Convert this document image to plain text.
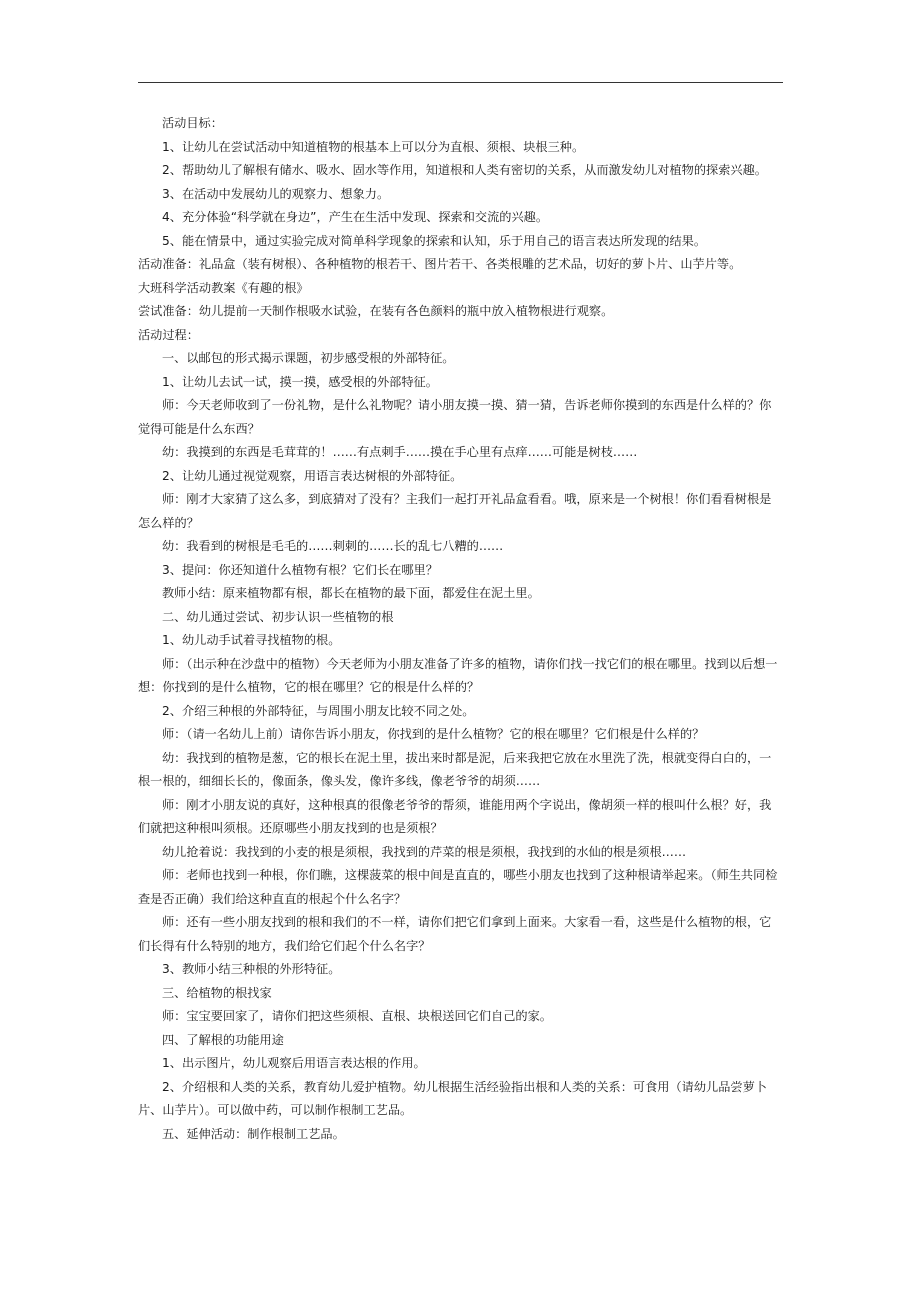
活动目标：

1、让幼儿在尝试活动中知道植物的根基本上可以分为直根、须根、块根三种。

2、帮助幼儿了解根有储水、吸水、固水等作用，知道根和人类有密切的关系，从而激发幼儿对植物的探索兴趣。

3、在活动中发展幼儿的观察力、想象力。

4、充分体验“科学就在身边”，产生在生活中发现、探索和交流的兴趣。

5、能在情景中，通过实验完成对简单科学现象的探索和认知，乐于用自己的语言表达所发现的结果。

活动准备：礼品盒（装有树根）、各种植物的根若干、图片若干、各类根雕的艺术品，切好的萝卜片、山芋片等。

大班科学活动教案《有趣的根》

尝试准备：幼儿提前一天制作根吸水试验，在装有各色颜料的瓶中放入植物根进行观察。

活动过程：

一、以邮包的形式揭示课题，初步感受根的外部特征。

1、让幼儿去试一试，摸一摸，感受根的外部特征。

师：今天老师收到了一份礼物，是什么礼物呢？请小朋友摸一摸、猜一猜，告诉老师你摸到的东西是什么样的？你觉得可能是什么东西？

幼：我摸到的东西是毛茸茸的！……有点刺手……摸在手心里有点痒……可能是树枝……

2、让幼儿通过视觉观察，用语言表达树根的外部特征。

师：刚才大家猜了这么多，到底猜对了没有？主我们一起打开礼品盒看看。哦，原来是一个树根！你们看看树根是怎么样的？

幼：我看到的树根是毛毛的……刺刺的……长的乱七八糟的……

3、提问：你还知道什么植物有根？它们长在哪里？

教师小结：原来植物都有根，都长在植物的最下面，都爱住在泥土里。

二、幼儿通过尝试、初步认识一些植物的根

1、幼儿动手试着寻找植物的根。

师：（出示种在沙盘中的植物）今天老师为小朋友准备了许多的植物，请你们找一找它们的根在哪里。找到以后想一想：你找到的是什么植物，它的根在哪里？它的根是什么样的？

2、介绍三种根的外部特征，与周围小朋友比较不同之处。

师：（请一名幼儿上前）请你告诉小朋友，你找到的是什么植物？它的根在哪里？它们根是什么样的？

幼：我找到的植物是葱，它的根长在泥土里，拔出来时都是泥，后来我把它放在水里洗了洗，根就变得白白的，一根一根的，细细长长的，像面条，像头发，像许多线，像老爷爷的胡须……

师：刚才小朋友说的真好，这种根真的很像老爷爷的帮须，谁能用两个字说出，像胡须一样的根叫什么根？好，我们就把这种根叫须根。还原哪些小朋友找到的也是须根？

幼儿抢着说：我找到的小麦的根是须根，我找到的芹菜的根是须根，我找到的水仙的根是须根……

师：老师也找到一种根，你们瞧，这棵菠菜的根中间是直直的，哪些小朋友也找到了这种根请举起来。（师生共同检查是否正确）我们给这种直直的根起个什么名字？

师：还有一些小朋友找到的根和我们的不一样，请你们把它们拿到上面来。大家看一看，这些是什么植物的根，它们长得有什么特别的地方，我们给它们起个什么名字？

3、教师小结三种根的外形特征。

三、给植物的根找家

师：宝宝要回家了，请你们把这些须根、直根、块根送回它们自己的家。

四、了解根的功能用途

1、出示图片，幼儿观察后用语言表达根的作用。

2、介绍根和人类的关系，教育幼儿爱护植物。幼儿根据生活经验指出根和人类的关系：可食用（请幼儿品尝萝卜片、山芋片）。可以做中药，可以制作根制工艺品。

五、延伸活动：制作根制工艺品。
